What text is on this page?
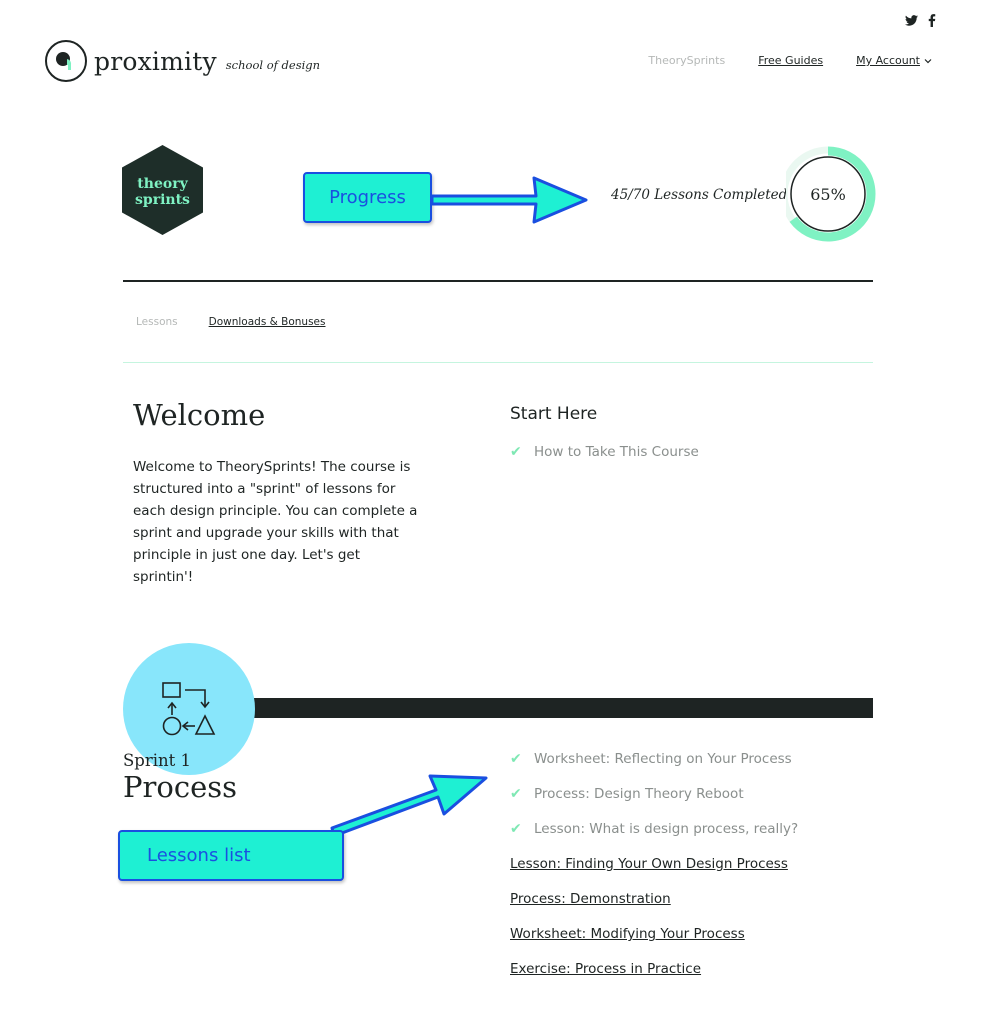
proximity school of design	TheorySprints	Free Guides	My Account
theory
sprints	Progress	45/70 Lessons Completed 65%
Lessons	Downloads & Bonuses
Welcome
Welcome to TheorySprints! The course is structured into a "sprint" of lessons for each design principle. You can complete a sprint and upgrade your skills with that principle in just one day. Let's get sprintin'!
Start Here
✔ How to Take This Course
Sprint 1
Process
✔ Worksheet: Reflecting on Your Process
✔ Process: Design Theory Reboot
✔ Lesson: What is design process, really?
Lesson: Finding Your Own Design Process
Process: Demonstration
Worksheet: Modifying Your Process
Exercise: Process in Practice
Lessons list
